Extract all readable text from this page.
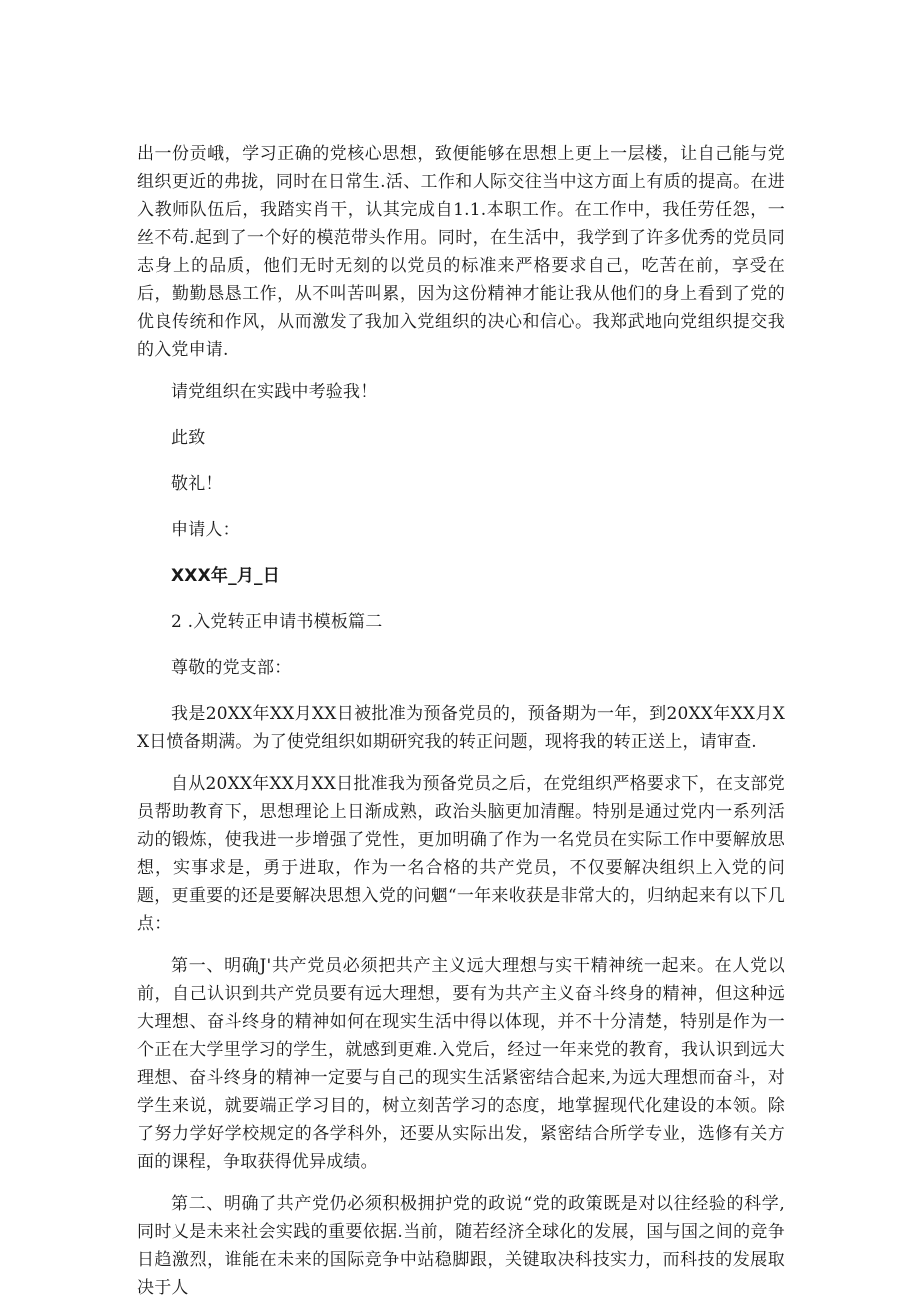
出一份贡峨，学习正确的党核心思想，致便能够在思想上更上一层楼，让自己能与党组织更近的弗拢，同时在日常生.活、工作和人际交往当中这方面上有质的提高。在进入教师队伍后，我踏实肖干，认其完成自1.1.本职工作。在工作中，我任劳任怨，一丝不苟.起到了一个好的模范带头作用。同时，在生活中，我学到了许多优秀的党员同志身上的品质，他们无时无刻的以党员的标准来严格要求自己，吃苦在前，享受在后，勤勤恳恳工作，从不叫苦叫累，因为这份精神才能让我从他们的身上看到了党的优良传统和作风，从而激发了我加入党组织的决心和信心。我郑武地向党组织提交我的入党申请.

请党组织在实践中考验我！

此致

敬礼！

申请人：

XXX年_月_日

2 .入党转正申请书模板篇二

尊敬的党支部：

我是20XX年XX月XX日被批准为预备党员的，预备期为一年，到20XX年XX月XX日愤备期满。为了使党组织如期研究我的转正问题，现将我的转正送上，请审查.

自从20XX年XX月XX日批准我为预备党员之后，在党组织严格要求下，在支部党员帮助教育下，思想理论上日渐成熟，政治头脑更加清醒。特别是通过党内一系列活动的锻炼，使我进一步增强了党性，更加明确了作为一名党员在实际工作中要解放思想，实事求是，勇于进取，作为一名合格的共产党员，不仅要解决组织上入党的问题，更重要的还是要解决思想入党的问魍“一年来收获是非常大的，归纳起来有以下几点：

第一、明确J'共产党员必须把共产主义远大理想与实干精神统一起来。在人党以前，自己认识到共产党员要有远大理想，要有为共产主义奋斗终身的精神，但这种远大理想、奋斗终身的精神如何在现实生活中得以体现，并不十分清楚，特别是作为一个正在大学里学习的学生，就感到更难.入党后，经过一年来党的教育，我认识到远大理想、奋斗终身的精神一定要与自己的现实生活紧密结合起来,为远大理想而奋斗，对学生来说，就要端正学习目的，树立刻苦学习的态度，地掌握现代化建设的本领。除了努力学好学校规定的各学科外，还要从实际出发，紧密结合所学专业，选修有关方面的课程，争取获得优异成绩。

第二、明确了共产党仍必须积极拥护党的政说“党的政策既是对以往经验的科学,同时乂是未来社会实践的重要依据.当前，随若经济全球化的发展，国与国之间的竞争日趋激烈，谁能在未来的国际竞争中站稳脚跟，关键取决科技实力，而科技的发展取决于人
